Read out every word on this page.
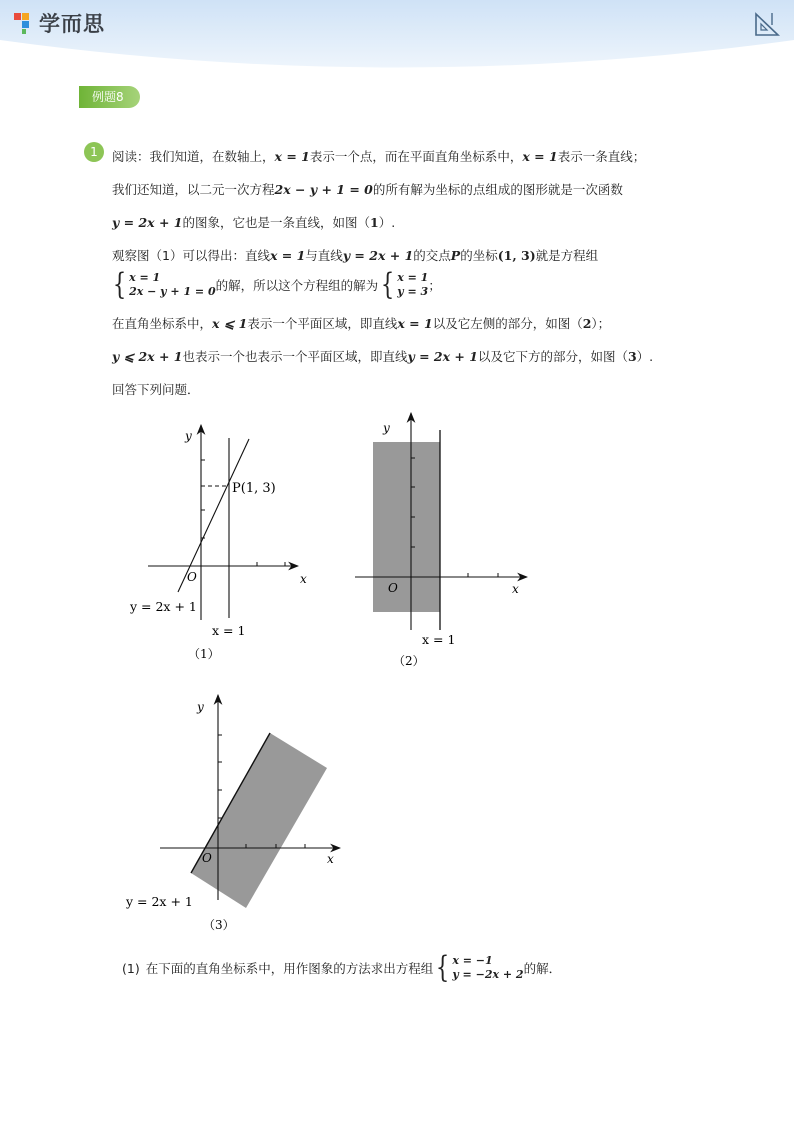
学而思
例题8
1	阅读：我们知道，在数轴上，x = 1表示一个点，而在平面直角坐标系中，x = 1表示一条直线；
我们还知道，以二元一次方程2x − y + 1 = 0的所有解为坐标的点组成的图形就是一次函数
y = 2x + 1的图象，它也是一条直线，如图（1）.
观察图（1）可以得出：直线x = 1与直线y = 2x + 1的交点P的坐标(1, 3)就是方程组
{ x = 1
2x − y + 1 = 0 的解，所以这个方程组的解为 { x = 1
y = 3 ；
在直角坐标系中，x ⩽ 1表示一个平面区域，即直线x = 1以及它左侧的部分，如图（2）；
y ⩽ 2x + 1也表示一个也表示一个平面区域，即直线y = 2x + 1以及它下方的部分，如图（3）.
回答下列问题．
y
x
O
P(1, 3)
y = 2x + 1
x = 1
（1）
y
x
O
x = 1
（2）
y
x
O
y = 2x + 1
（3）
(1) 在下面的直角坐标系中，用作图象的方法求出方程组 { x = −1
y = −2x + 2 的解．
